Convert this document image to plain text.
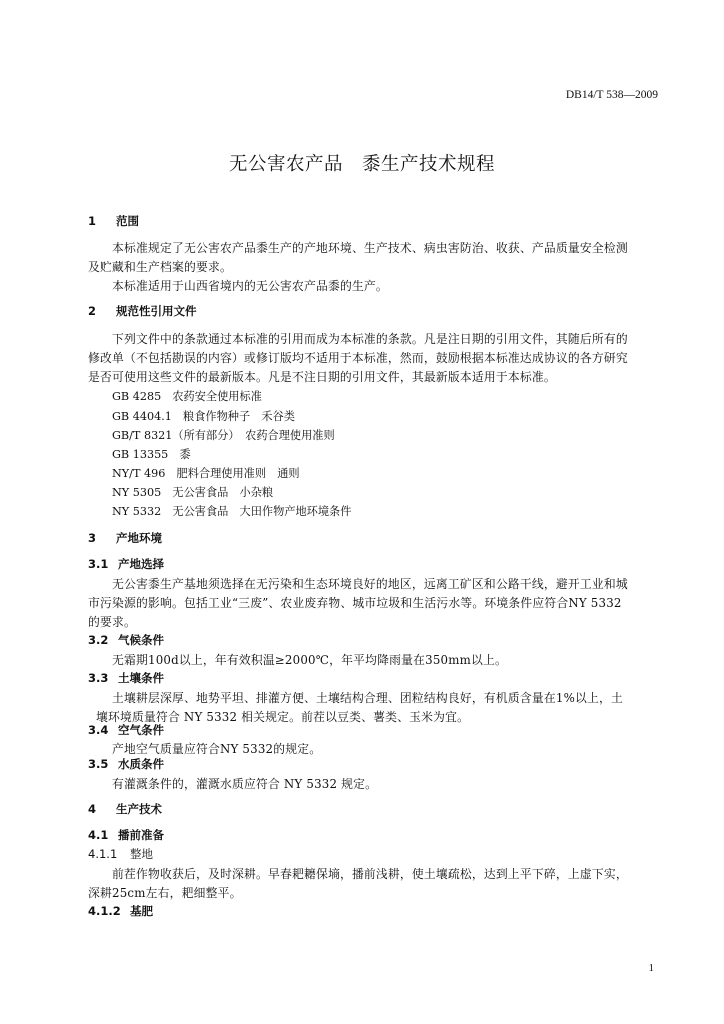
DB14/T 538—2009
无公害农产品　黍生产技术规程
1 范围
本标准规定了无公害农产品黍生产的产地环境、生产技术、病虫害防治、收获、产品质量安全检测
及贮藏和生产档案的要求。
本标准适用于山西省境内的无公害农产品黍的生产。
2 规范性引用文件
下列文件中的条款通过本标准的引用而成为本标准的条款。凡是注日期的引用文件，其随后所有的
修改单（不包括勘误的内容）或修订版均不适用于本标准，然而，鼓励根据本标准达成协议的各方研究
是否可使用这些文件的最新版本。凡是不注日期的引用文件，其最新版本适用于本标准。
GB 4285　农药安全使用标准
GB 4404.1　粮食作物种子　禾谷类
GB/T 8321（所有部分）　农药合理使用准则
GB 13355　黍
NY/T 496　肥料合理使用准则　通则
NY 5305　无公害食品　小杂粮
NY 5332　无公害食品　大田作物产地环境条件
3 产地环境
3.1 产地选择
无公害黍生产基地须选择在无污染和生态环境良好的地区，远离工矿区和公路干线，避开工业和城
市污染源的影响。包括工业“三废”、农业废弃物、城市垃圾和生活污水等。环境条件应符合NY 5332
的要求。
3.2 气候条件
无霜期100d以上，年有效积温≥2000℃，年平均降雨量在350mm以上。
3.3 土壤条件
土壤耕层深厚、地势平坦、排灌方便、土壤结构合理、团粒结构良好，有机质含量在1%以上，土
壤环境质量符合 NY 5332 相关规定。前茬以豆类、薯类、玉米为宜。
3.4 空气条件
产地空气质量应符合NY 5332的规定。
3.5 水质条件
有灌溉条件的，灌溉水质应符合 NY 5332 规定。
4 生产技术
4.1 播前准备
4.1.1 整地
前茬作物收获后，及时深耕。早春耙耱保墒，播前浅耕，使土壤疏松，达到上平下碎，上虚下实，
深耕25cm左右，耙细整平。
4.1.2 基肥
1
